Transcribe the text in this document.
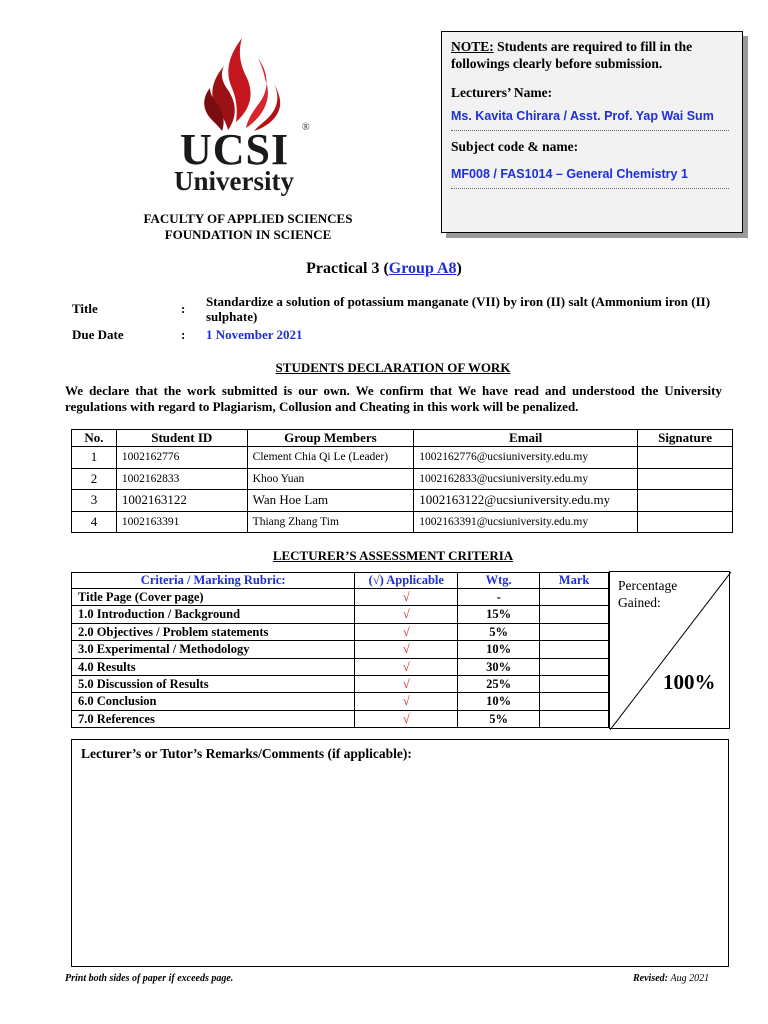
UCSI ®
University
FACULTY OF APPLIED SCIENCES
FOUNDATION IN SCIENCE
NOTE: Students are required to fill in the followings clearly before submission.
Lecturers’ Name:
Ms. Kavita Chirara / Asst. Prof. Yap Wai Sum
Subject code & name:
MF008 / FAS1014 – General Chemistry 1
Practical 3 (Group A8)
Title	: Standardize a solution of potassium manganate (VII) by iron (II) salt (Ammonium iron (II) sulphate)
Due Date	: 1 November 2021
STUDENTS DECLARATION OF WORK
We declare that the work submitted is our own. We confirm that We have read and understood the University regulations with regard to Plagiarism, Collusion and Cheating in this work will be penalized.
No.	Student ID	Group Members	Email	Signature
1	1002162776	Clement Chia Qi Le (Leader)	1002162776@ucsiuniversity.edu.my	
2	1002162833	Khoo Yuan	1002162833@ucsiuniversity.edu.my	
3	1002163122	Wan Hoe Lam	1002163122@ucsiuniversity.edu.my	
4	1002163391	Thiang Zhang Tim	1002163391@ucsiuniversity.edu.my	
LECTURER’S ASSESSMENT CRITERIA
Criteria / Marking Rubric:	(√) Applicable	Wtg.	Mark
Title Page (Cover page)	√	-	
1.0 Introduction / Background	√	15%	
2.0 Objectives / Problem statements	√	5%	
3.0 Experimental / Methodology	√	10%	
4.0 Results	√	30%	
5.0 Discussion of Results	√	25%	
6.0 Conclusion	√	10%	
7.0 References	√	5%	
Percentage
Gained:
100%
Lecturer’s or Tutor’s Remarks/Comments (if applicable):
Print both sides of paper if exceeds page.	Revised: Aug 2021
